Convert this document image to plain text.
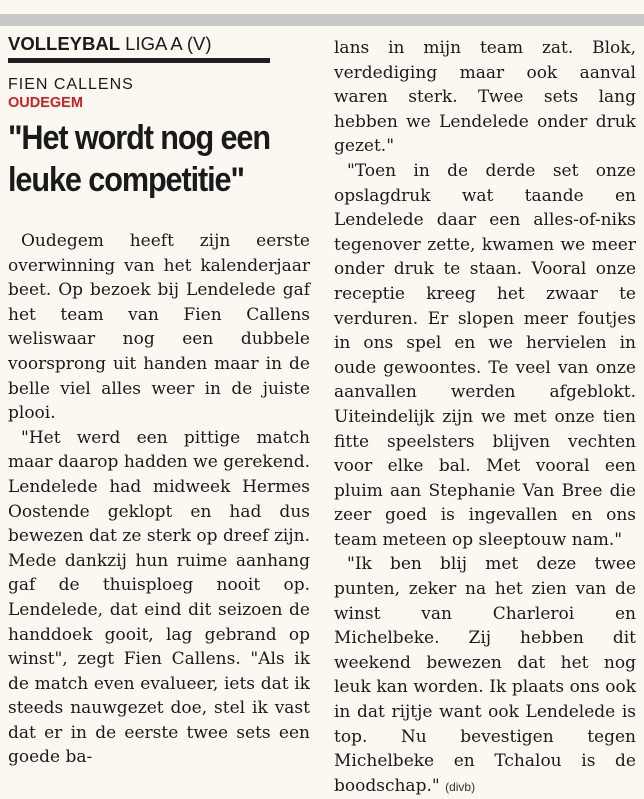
VOLLEYBAL LIGA A (V)
FIEN CALLENS
OUDEGEM
"Het wordt nog een leuke competitie"

Oudegem heeft zijn eerste overwinning van het kalenderjaar beet. Op bezoek bij Lendelede gaf het team van Fien Callens weliswaar nog een dubbele voorsprong uit handen maar in de belle viel alles weer in de juiste plooi.

"Het werd een pittige match maar daarop hadden we gerekend. Lendelede had midweek Hermes Oostende geklopt en had dus bewezen dat ze sterk op dreef zijn. Mede dankzij hun ruime aanhang gaf de thuisploeg nooit op. Lendelede, dat eind dit seizoen de handdoek gooit, lag gebrand op winst", zegt Fien Callens. "Als ik de match even evalueer, iets dat ik steeds nauwgezet doe, stel ik vast dat er in de eerste twee sets een goede ba-

lans in mijn team zat. Blok, verdediging maar ook aanval waren sterk. Twee sets lang hebben we Lendelede onder druk gezet."

"Toen in de derde set onze opslagdruk wat taande en Lendelede daar een alles-of-niks tegenover zette, kwamen we meer onder druk te staan. Vooral onze receptie kreeg het zwaar te verduren. Er slopen meer foutjes in ons spel en we hervielen in oude gewoontes. Te veel van onze aanvallen werden afgeblokt. Uiteindelijk zijn we met onze tien fitte speelsters blijven vechten voor elke bal. Met vooral een pluim aan Stephanie Van Bree die zeer goed is ingevallen en ons team meteen op sleeptouw nam."

"Ik ben blij met deze twee punten, zeker na het zien van de winst van Charleroi en Michelbeke. Zij hebben dit weekend bewezen dat het nog leuk kan worden. Ik plaats ons ook in dat rijtje want ook Lendelede is top. Nu bevestigen tegen Michelbeke en Tchalou is de boodschap." (divb)
